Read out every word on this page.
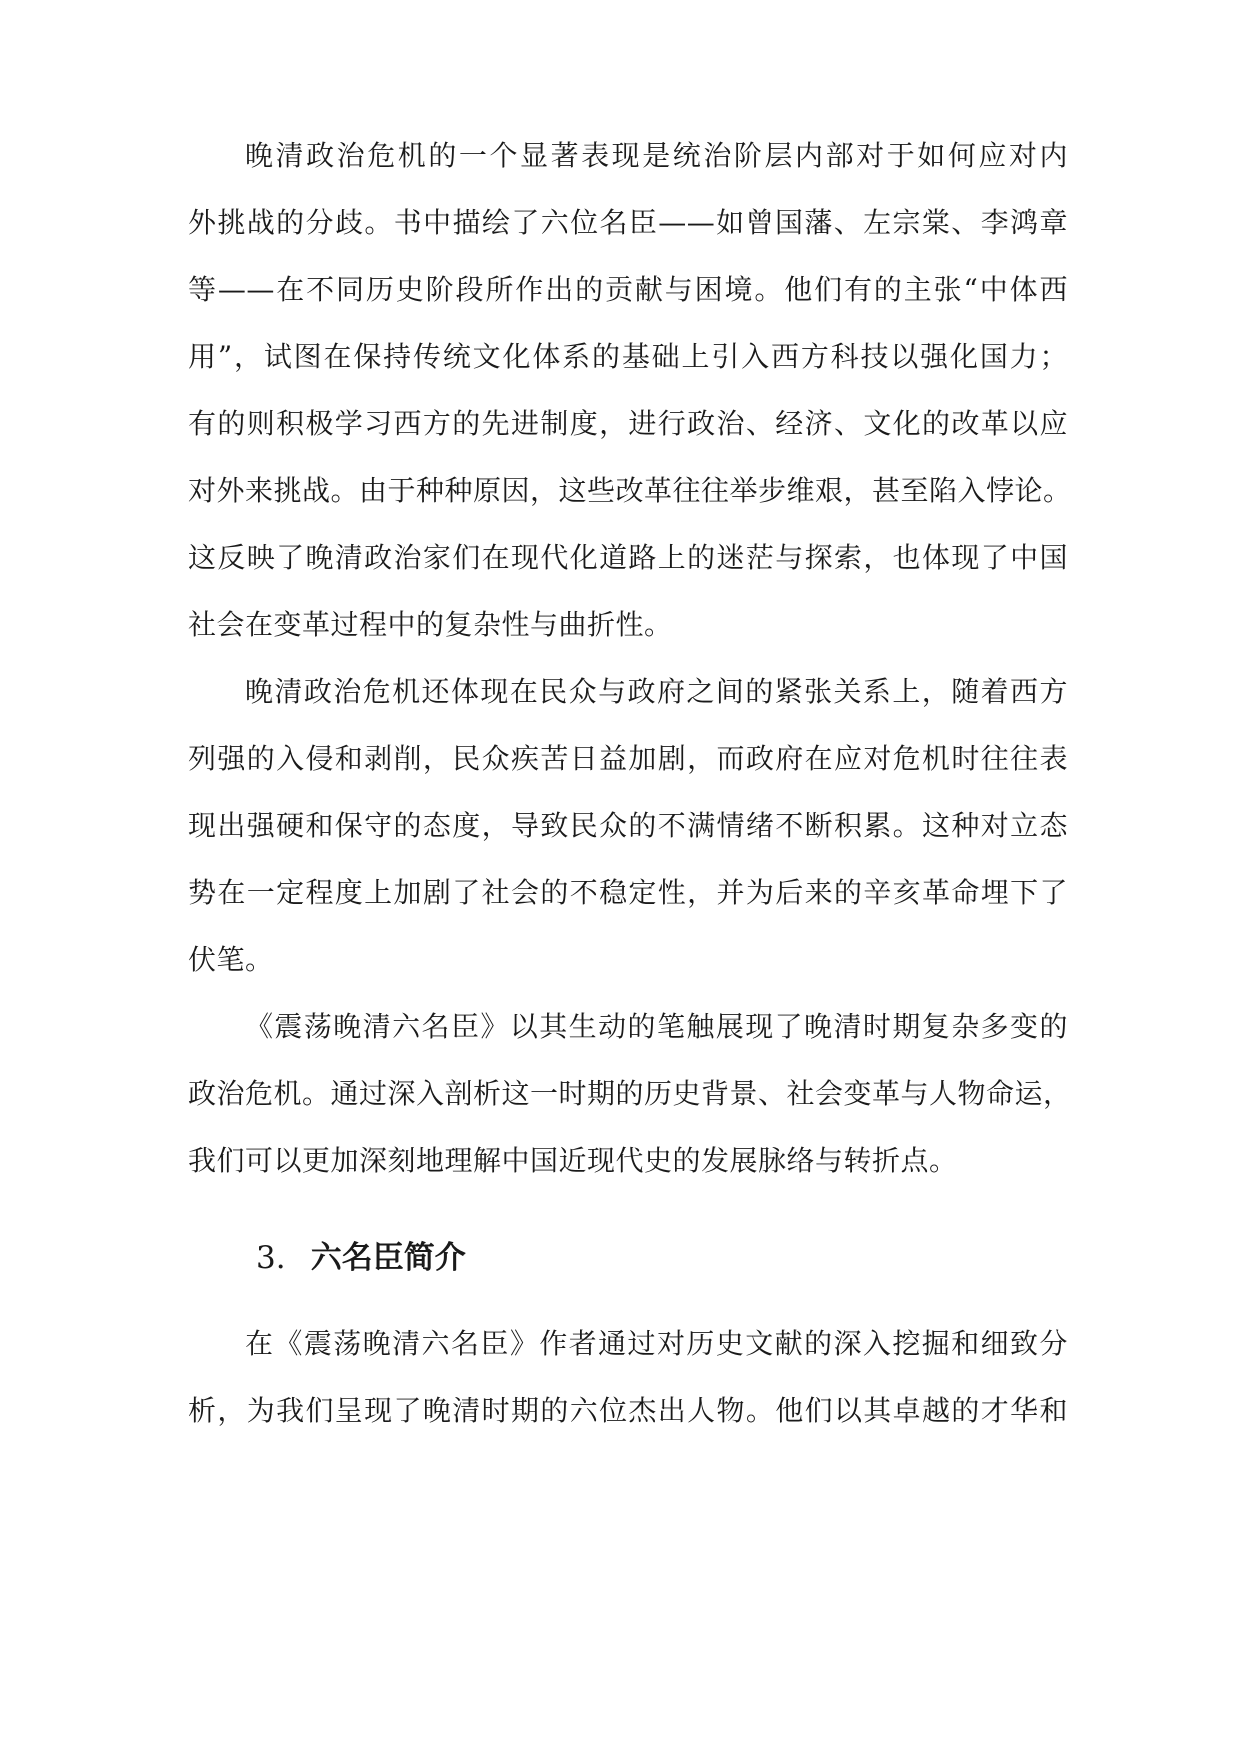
晚清政治危机的一个显著表现是统治阶层内部对于如何应对内
外挑战的分歧。书中描绘了六位名臣——如曾国藩、左宗棠、李鸿章
等——在不同历史阶段所作出的贡献与困境。他们有的主张“中体西
用”，试图在保持传统文化体系的基础上引入西方科技以强化国力；
有的则积极学习西方的先进制度，进行政治、经济、文化的改革以应
对外来挑战。由于种种原因，这些改革往往举步维艰，甚至陷入悖论。
这反映了晚清政治家们在现代化道路上的迷茫与探索，也体现了中国
社会在变革过程中的复杂性与曲折性。
晚清政治危机还体现在民众与政府之间的紧张关系上，随着西方
列强的入侵和剥削，民众疾苦日益加剧，而政府在应对危机时往往表
现出强硬和保守的态度，导致民众的不满情绪不断积累。这种对立态
势在一定程度上加剧了社会的不稳定性，并为后来的辛亥革命埋下了
伏笔。
《震荡晚清六名臣》以其生动的笔触展现了晚清时期复杂多变的
政治危机。通过深入剖析这一时期的历史背景、社会变革与人物命运，
我们可以更加深刻地理解中国近现代史的发展脉络与转折点。
3. 六名臣简介
在《震荡晚清六名臣》作者通过对历史文献的深入挖掘和细致分
析，为我们呈现了晚清时期的六位杰出人物。他们以其卓越的才华和
